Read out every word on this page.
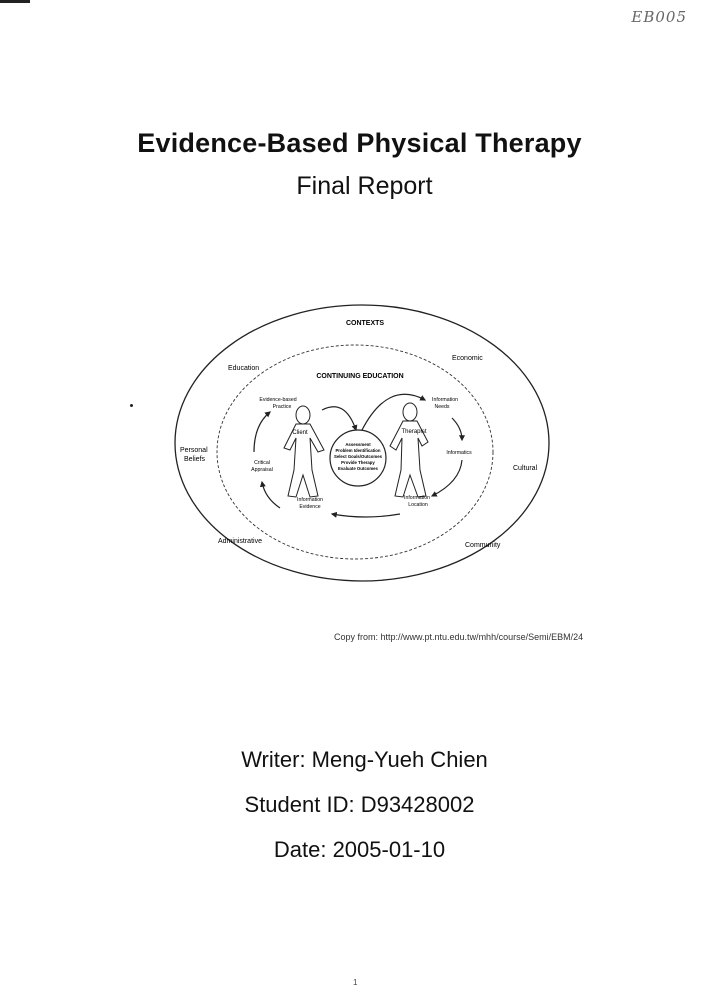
EB005
Evidence-Based Physical Therapy
Final Report
CONTEXTS
CONTINUING EDUCATION
Education
Economic
Personal
Beliefs
Cultural
Administrative
Community
Client	Therapist
Assessment
Problem Identification
Select Goals/Outcomes
Provide Therapy
Evaluate Outcomes
Evidence-based
Practice
Information
Needs
Informatics
Information
Location
Information
Evidence
Critical
Appraisal
Copy from: http://www.pt.ntu.edu.tw/mhh/course/Semi/EBM/24
Writer: Meng-Yueh Chien
Student ID: D93428002
Date: 2005-01-10
1
